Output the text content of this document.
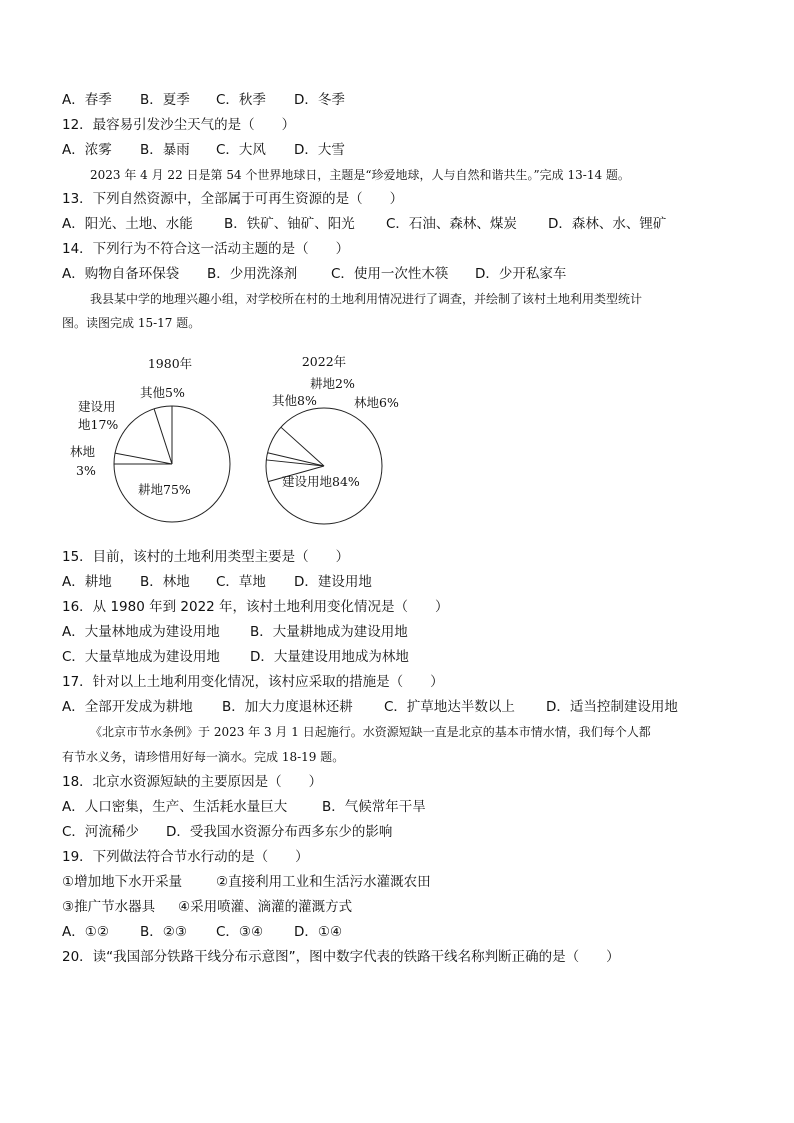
A．春季 B．夏季 C．秋季 D．冬季
12．最容易引发沙尘天气的是（　　）
A．浓雾 B．暴雨 C．大风 D．大雪
2023 年 4 月 22 日是第 54 个世界地球日，主题是“珍爱地球，人与自然和谐共生。”完成 13-14 题。
13．下列自然资源中，全部属于可再生资源的是（　　）
A．阳光、土地、水能 B．铁矿、铀矿、阳光 C．石油、森林、煤炭 D．森林、水、锂矿
14．下列行为不符合这一活动主题的是（　　）
A．购物自备环保袋 B．少用洗涤剂 C．使用一次性木筷 D．少开私家车
我县某中学的地理兴趣小组，对学校所在村的土地利用情况进行了调查，并绘制了该村土地利用类型统计
图。读图完成 15-17 题。
1980年	2022年
其他5%
建设用
地17%
林地
3%
耕地75%
耕地2%
其他8%	林地6%
建设用地84%
15．目前，该村的土地利用类型主要是（　　）
A．耕地 B．林地 C．草地 D．建设用地
16．从 1980 年到 2022 年，该村土地利用变化情况是（　　）
A．大量林地成为建设用地 B．大量耕地成为建设用地
C．大量草地成为建设用地 D．大量建设用地成为林地
17．针对以上土地利用变化情况，该村应采取的措施是（　　）
A．全部开发成为耕地 B．加大力度退林还耕 C．扩草地达半数以上 D．适当控制建设用地
《北京市节水条例》于 2023 年 3 月 1 日起施行。水资源短缺一直是北京的基本市情水情，我们每个人都
有节水义务，请珍惜用好每一滴水。完成 18-19 题。
18．北京水资源短缺的主要原因是（　　）
A．人口密集，生产、生活耗水量巨大	B．气候常年干旱
C．河流稀少 D．受我国水资源分布西多东少的影响
19．下列做法符合节水行动的是（　　）
①增加地下水开采量	②直接利用工业和生活污水灌溉农田
③推广节水器具 ④采用喷灌、滴灌的灌溉方式
A．①② B．②③ C．③④ D．①④
20．读“我国部分铁路干线分布示意图”，图中数字代表的铁路干线名称判断正确的是（　　）
